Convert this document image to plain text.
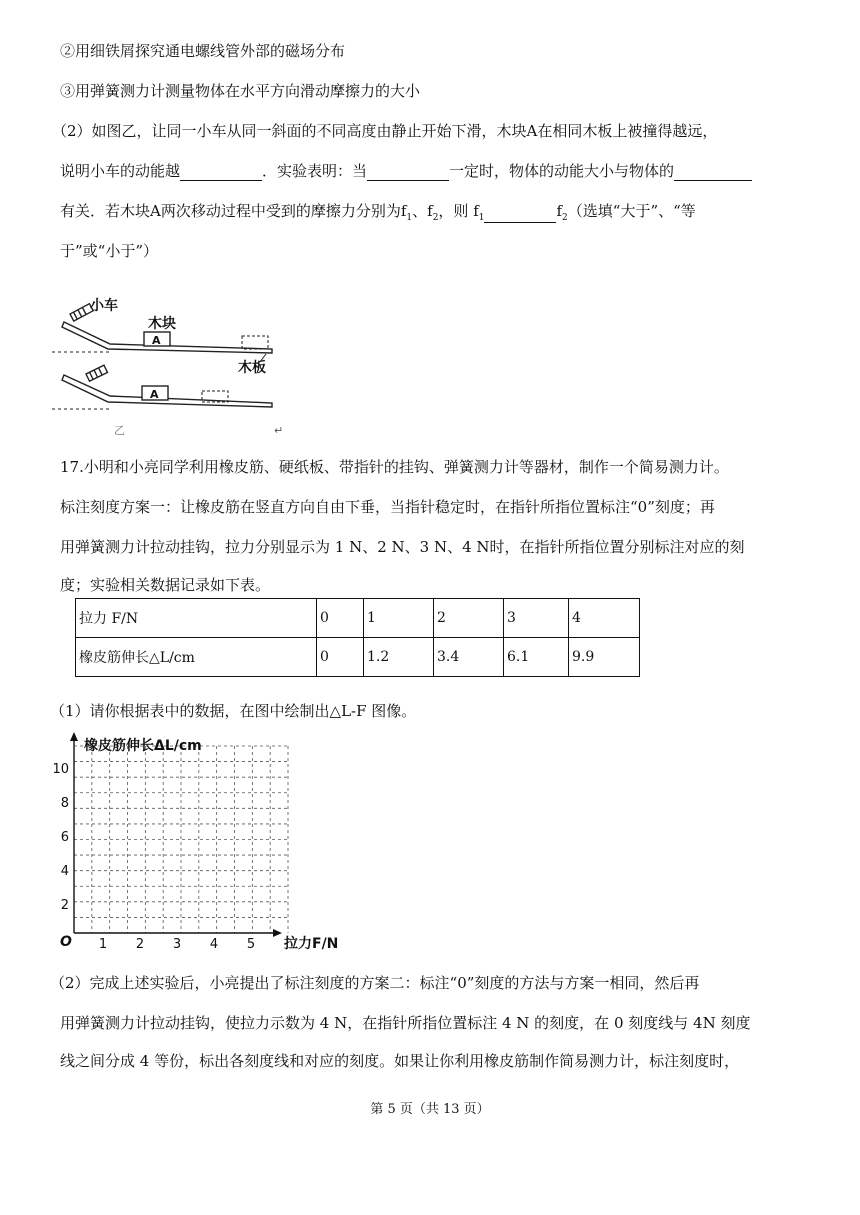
②用细铁屑探究通电螺线管外部的磁场分布
③用弹簧测力计测量物体在水平方向滑动摩擦力的大小
（2）如图乙，让同一小车从同一斜面的不同高度由静止开始下滑，木块A在相同木板上被撞得越远，
说明小车的动能越	．实验表明：当	一定时，物体的动能大小与物体的
有关．若木块A两次移动过程中受到的摩擦力分别为$f_1$、$f_2$，则 $f_1$	$f_2$（选填“大于”、“等
于”或“小于”）
小车
木块
木板
A
A
乙	↵
17.小明和小亮同学利用橡皮筋、硬纸板、带指针的挂钩、弹簧测力计等器材，制作一个简易测力计。
标注刻度方案一：让橡皮筋在竖直方向自由下垂，当指针稳定时，在指针所指位置标注“0”刻度；再
用弹簧测力计拉动挂钩，拉力分别显示为 1 N、2 N、3 N、4 N时，在指针所指位置分别标注对应的刻
度；实验相关数据记录如下表。
拉力 F/N	0	1	2	3	4
橡皮筋伸长△L/cm	0	1.2	3.4	6.1	9.9
（1）请你根据表中的数据，在图中绘制出△L-F 图像。
橡皮筋伸长ΔL/cm
拉力F/N
O 1 2 3 4 5
2
4
6
8
10
（2）完成上述实验后，小亮提出了标注刻度的方案二：标注“0”刻度的方法与方案一相同，然后再
用弹簧测力计拉动挂钩，使拉力示数为 4 N，在指针所指位置标注 4 N 的刻度，在 0 刻度线与 4N 刻度
线之间分成 4 等份，标出各刻度线和对应的刻度。如果让你利用橡皮筋制作简易测力计，标注刻度时，
第 5 页（共 13 页）
